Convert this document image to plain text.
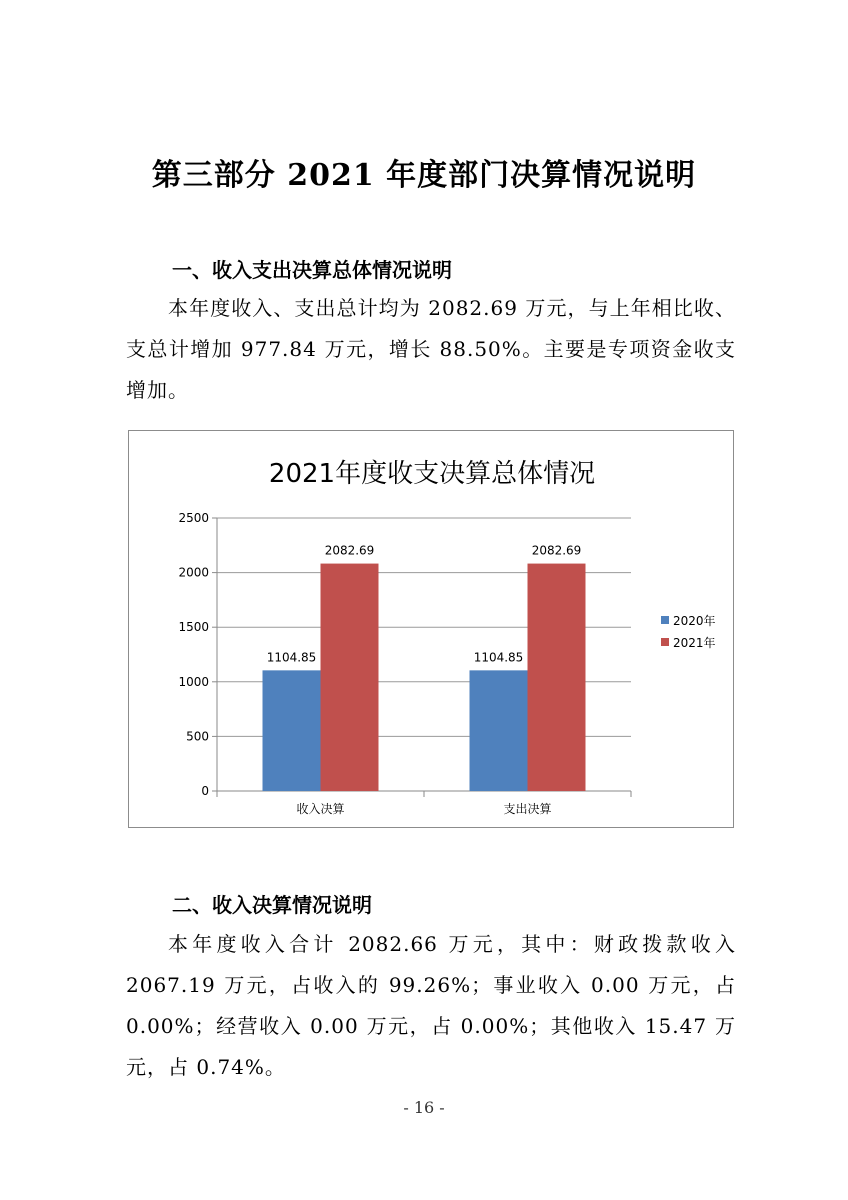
第三部分 2021 年度部门决算情况说明
一、收入支出决算总体情况说明
本年度收入、支出总计均为 2082.69 万元，与上年相比收、支总计增加 977.84 万元，增长 88.50%。主要是专项资金收支增加。
2021年度收支决算总体情况
0
500
1000
1500
2000
2500
1104.85
2082.69
收入决算
1104.85
2082.69
支出决算
2020年
2021年
二、收入决算情况说明
本年度收入合计 2082.66 万元，其中：财政拨款收入 2067.19 万元，占收入的 99.26%；事业收入 0.00 万元，占 0.00%；经营收入 0.00 万元，占 0.00%；其他收入 15.47 万元，占 0.74%。
- 16 -
